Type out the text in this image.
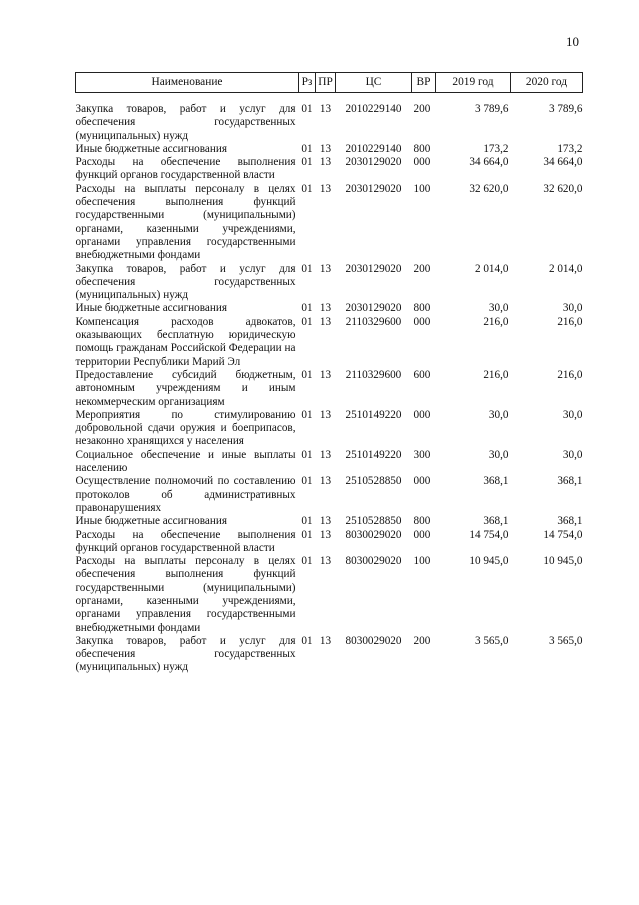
10
Наименование	Рз	ПР	ЦС	ВР	2019 год	2020 год
Закупка товаров, работ и услуг для обеспечения государственных (муниципальных) нужд	01	13	2010229140	200	3 789,6	3 789,6
Иные бюджетные ассигнования	01	13	2010229140	800	173,2	173,2
Расходы на обеспечение выполнения функций органов государственной власти	01	13	2030129020	000	34 664,0	34 664,0
Расходы на выплаты персоналу в целях обеспечения выполнения функций государственными (муниципальными) органами, казенными учреждениями, органами управления государственными внебюджетными фондами	01	13	2030129020	100	32 620,0	32 620,0
Закупка товаров, работ и услуг для обеспечения государственных (муниципальных) нужд	01	13	2030129020	200	2 014,0	2 014,0
Иные бюджетные ассигнования	01	13	2030129020	800	30,0	30,0
Компенсация расходов адвокатов, оказывающих бесплатную юридическую помощь гражданам Российской Федерации на территории Республики Марий Эл	01	13	2110329600	000	216,0	216,0
Предоставление субсидий бюджетным, автономным учреждениям и иным некоммерческим организациям	01	13	2110329600	600	216,0	216,0
Мероприятия по стимулированию добровольной сдачи оружия и боеприпасов, незаконно хранящихся у населения	01	13	2510149220	000	30,0	30,0
Социальное обеспечение и иные выплаты населению	01	13	2510149220	300	30,0	30,0
Осуществление полномочий по составлению протоколов об административных правонарушениях	01	13	2510528850	000	368,1	368,1
Иные бюджетные ассигнования	01	13	2510528850	800	368,1	368,1
Расходы на обеспечение выполнения функций органов государственной власти	01	13	8030029020	000	14 754,0	14 754,0
Расходы на выплаты персоналу в целях обеспечения выполнения функций государственными (муниципальными) органами, казенными учреждениями, органами управления государственными внебюджетными фондами	01	13	8030029020	100	10 945,0	10 945,0
Закупка товаров, работ и услуг для обеспечения государственных (муниципальных) нужд	01	13	8030029020	200	3 565,0	3 565,0
